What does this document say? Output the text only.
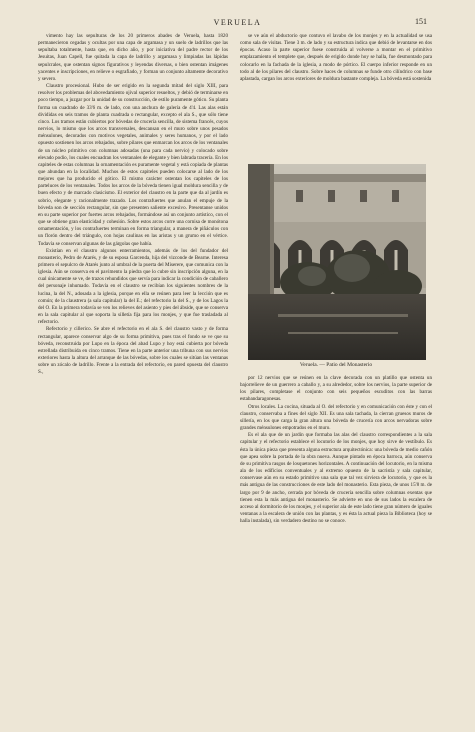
VERUELA	151

vimento hay las sepulturas de los 20 primeros abades de Veruela, hasta 1820 permanecieron cegadas y ocultas por una capa de argamasa y un suelo de ladrillos que las sepultaba totalmente, hasta que, en dicho año, y por iniciativa del padre rector de los Jesuitas, Juan Capell, fue quitada la capa de ladrillo y argamasa y limpiadas las lápidas sepulcrales, que ostentan signos figurativos y leyendas diversas, o bien ostentan imágenes yacentes e inscripciones, en relieve o esgrafiado, y forman un conjunto altamente decorativo y severo.

Claustro procesional. Hubo de ser erigido en la segunda mitad del siglo XIII, para resolver los problemas del abovedamiento ojival superior resueltos, y debió de terminarse en poco tiempo, a juzgar por la unidad de su construcción, de estilo puramente gótico. Su planta forma un cuadrado de 33'6 m. de lado, con una anchura de galería de 4'4. Las alas están divididas en seis tramos de planta cuadrada o rectangular, excepto el ala S., que sólo tiene cinco. Los tramos están cubiertos por bóvedas de crucería sencilla, de sistema francés, cuyos nervios, lo mismo que los arcos transversales, descansan en el muro sobre unos pesados ménsulones, decorados con motivos vegetales, animales y seres humanos, y por el lado opuesto sostienen los arcos rebajados, sobre pilares que enmarcan los arcos de los ventanales de un núcleo primitivo con columnas adosadas (una para cada nervio) y colocado sobre elevado podio, los cuales encuadran los ventanales de elegante y bien labrada tracería. En los capiteles de estas columnas la ornamentación es puramente vegetal y está copiada de plantas que abundan en la localidad. Muchos de estos capiteles pueden colocarse al lado de los mejores que ha producido el gótico. El mismo carácter ostentan los capiteles de los parteluces de los ventanales. Todos los arcos de la bóveda tienen igual moldura sencilla y de buen efecto y de marcado clasicismo. El exterior del claustro en la parte que da al jardín es sobrio, elegante y racionalmente trazado. Los contrafuertes que anulan el empuje de la bóveda son de sección rectangular, sin que presenten saliente excesivo. Presentanse unidos en su parte superior por fuertes arcos rebajados, formándose así un conjunto artístico, con el que se obtiene gran elasticidad y cohesión. Sobre estos arcos corre una cornisa de monótona ornamentación, y los contrafuertes terminan en forma triangular, a manera de piñáculos con un florón dentro del triángulo, con hojas caulinas en las aristas y un grumo en el vértice. Todavía se conservan algunas de las gárgolas que había.

Existían en el claustro algunos enterramientos, además de los del fundador del monasterio, Pedro de Atarés, y de su esposa Garcenda, hija del vizconde de Bearne. Interesa primero el sepulcro de Atarés junto al umbral de la puerta del Miserere, que comunica con la iglesia. Aún se conserva en el pavimento la piedra que lo cubre sin inscripción alguna, en la cual únicamente se ve, de trazos rehundidos que servía para indicar la condición de caballero del personaje inhumado. Todavía en el claustro se recibían los siguientes nombres de la lucina, la del N., adosada a la iglesia, porque en ella se reúnen para leer la lección que es común; de la claustrera (a sala capitular) la del E.; del refectorio la del S., y de los Lagos la del O. En la primera todavía se ven los relieves del asiento y pies del ábside, que se conserva en la sala capitular al que soporta la silletía fija para los monjes, y que fue trasladada al refectorio.

Refectorio y cillerico. Se abre el refectorio en el ala S. del claustro vasto y de forma rectangular, aparece conservar algo de su forma primitiva, pues tras el fondo se ve que su bóveda, reconstruida por Lupo en la época del abad Lupo y hoy está cubierta por bóveda estrellada distribuida en cinco tramos. Tiene en la parte anterior una tribuna con sus nervios exteriores hasta la altura del arranque de las bóvedas, sobre los cuales se sitúan las ventanas sobre un zócalo de ladrillo. Frente a la entrada del refectorio, en pared opuesta del claustro S.,

se ve aún el abductorio que contuvo el lavabo de los monjes y en la actualidad se usa como sala de visitas. Tiene 3 m. de lado y su estructura indica que debió de levantarse en dos épocas. Acaso la parte superior fuese construida al volverse a montar en el primitivo emplazamiento el templete que, después de erigido donde hoy se halla, fue desmontado para colocarlo en la fachada de la iglesia, a modo de pórtico. El cuerpo inferior responde en un todo al de los pilares del claustro. Sobre haces de columnas se funde otro cilíndrico con base aplastada, cargan los arcos exteriores de moldura bastante compleja. La bóveda está sostenida

Veruela. — Patio del Monasterio

por 12 nervios que se reúnen en la clave decorada con un platillo que ostenta un bajorrelieve de un guerrero a caballo y, a su alrededor, sobre los nervios, la parte superior de los pilares, completase el conjunto con seis pequeños escuditos con las barras estabandaragonesas.

Otros locales. La cocina, situada al O. del refectorio y en comunicación con éste y con el claustro, conservaba a fines del siglo XII. Es una sala tachada, la cierran gruesos muros de sillería, en los que carga la gran altura una bóveda de crucería con arcos nervadoras sobre grandes ménsulones empotrados en el muro.

Es el ala que de un jardín que formaba las alas del claustro correspondientes a la sala capitular y el refectorio establece el locutorio de los monjes, que hoy sirve de vestíbulo. Es ésta la única pieza que presenta alguna estructura arquitectónica: una bóveda de medio cañón que apea sobre la portada de la obra nueva. Aunque pintado en época barroca, aún conserva de su primitiva rasgos de losquetones horizontales. A continuación del locutorio, en la misma ala de los edificios conventuales y al extremo opuesto de la sacristía y sala capitular, conservase aún en su estado primitivo una sala que tal vez sirviera de locutorio, y que es la más antigua de las construcciones de este lado del monasterio. Esta pieza, de unos 15'8 m. de largo por 9 de ancho, cerrada por bóveda de crucería sencilla sobre columnas exentas que tienen esta la más antigua del monasterio. Se advierte en uno de sus lados la escalera de acceso al dormitorio de los monjes, y el superior ala de este lado tiene gran número de iguales ventanas a la escalera de unión con las plantas, y es ésta la actual pieza la Biblioteca (hoy se halla instalada), sin verdadero destino no se conoce.
